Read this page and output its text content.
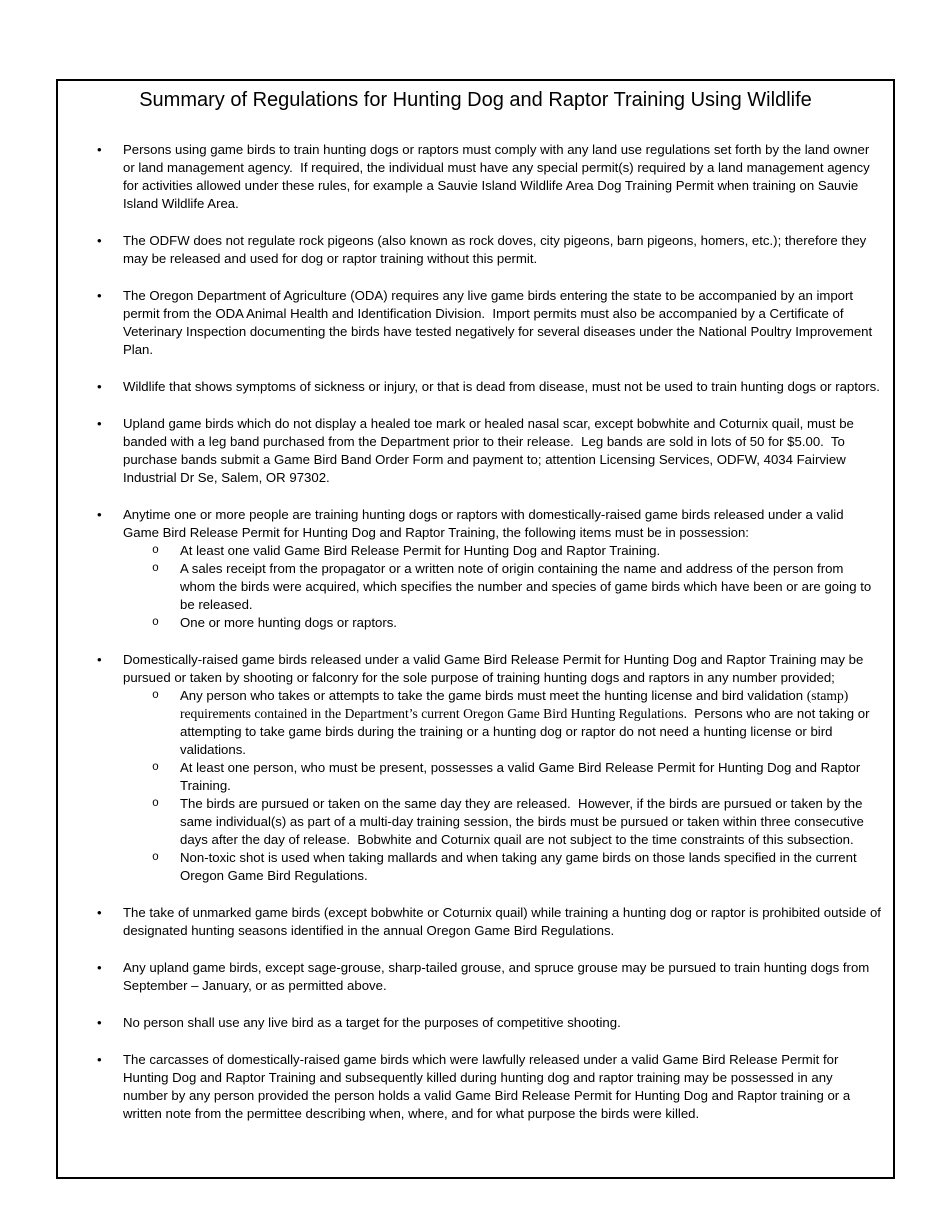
Summary of Regulations for Hunting Dog and Raptor Training Using Wildlife
•	Persons using game birds to train hunting dogs or raptors must comply with any land use regulations set forth by the land owner or land management agency.  If required, the individual must have any special permit(s) required by a land management agency for activities allowed under these rules, for example a Sauvie Island Wildlife Area Dog Training Permit when training on Sauvie Island Wildlife Area.
•	The ODFW does not regulate rock pigeons (also known as rock doves, city pigeons, barn pigeons, homers, etc.); therefore they may be released and used for dog or raptor training without this permit.
•	The Oregon Department of Agriculture (ODA) requires any live game birds entering the state to be accompanied by an import permit from the ODA Animal Health and Identification Division.  Import permits must also be accompanied by a Certificate of Veterinary Inspection documenting the birds have tested negatively for several diseases under the National Poultry Improvement Plan.
•	Wildlife that shows symptoms of sickness or injury, or that is dead from disease, must not be used to train hunting dogs or raptors.
•	Upland game birds which do not display a healed toe mark or healed nasal scar, except bobwhite and Coturnix quail, must be banded with a leg band purchased from the Department prior to their release.  Leg bands are sold in lots of 50 for $5.00.  To purchase bands submit a Game Bird Band Order Form and payment to; attention Licensing Services, ODFW, 4034 Fairview Industrial Dr Se, Salem, OR 97302.
•	Anytime one or more people are training hunting dogs or raptors with domestically-raised game birds released under a valid Game Bird Release Permit for Hunting Dog and Raptor Training, the following items must be in possession:
o	At least one valid Game Bird Release Permit for Hunting Dog and Raptor Training.
o	A sales receipt from the propagator or a written note of origin containing the name and address of the person from whom the birds were acquired, which specifies the number and species of game birds which have been or are going to be released.
o	One or more hunting dogs or raptors.
•	Domestically-raised game birds released under a valid Game Bird Release Permit for Hunting Dog and Raptor Training may be pursued or taken by shooting or falconry for the sole purpose of training hunting dogs and raptors in any number provided;
o	Any person who takes or attempts to take the game birds must meet the hunting license and bird validation (stamp) requirements contained in the Department’s current Oregon Game Bird Hunting Regulations.  Persons who are not taking or attempting to take game birds during the training or a hunting dog or raptor do not need a hunting license or bird validations.
o	At least one person, who must be present, possesses a valid Game Bird Release Permit for Hunting Dog and Raptor Training.
o	The birds are pursued or taken on the same day they are released.  However, if the birds are pursued or taken by the same individual(s) as part of a multi-day training session, the birds must be pursued or taken within three consecutive days after the day of release.  Bobwhite and Coturnix quail are not subject to the time constraints of this subsection.
o	Non-toxic shot is used when taking mallards and when taking any game birds on those lands specified in the current Oregon Game Bird Regulations.
•	The take of unmarked game birds (except bobwhite or Coturnix quail) while training a hunting dog or raptor is prohibited outside of designated hunting seasons identified in the annual Oregon Game Bird Regulations.
•	Any upland game birds, except sage-grouse, sharp-tailed grouse, and spruce grouse may be pursued to train hunting dogs from September – January, or as permitted above.
•	No person shall use any live bird as a target for the purposes of competitive shooting.
•	The carcasses of domestically-raised game birds which were lawfully released under a valid Game Bird Release Permit for Hunting Dog and Raptor Training and subsequently killed during hunting dog and raptor training may be possessed in any number by any person provided the person holds a valid Game Bird Release Permit for Hunting Dog and Raptor training or a written note from the permittee describing when, where, and for what purpose the birds were killed.
